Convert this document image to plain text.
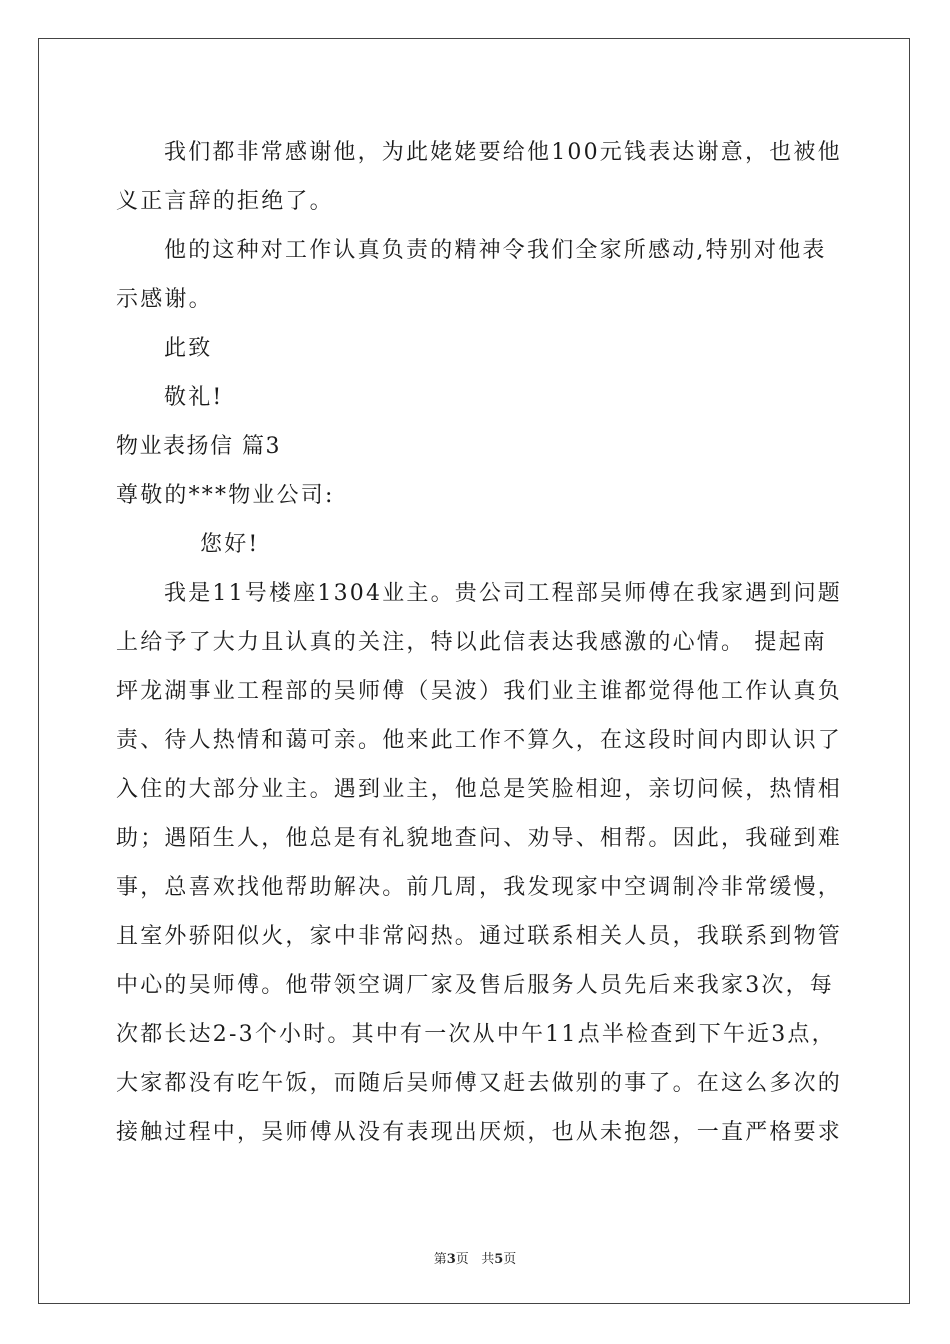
我们都非常感谢他，为此姥姥要给他100元钱表达谢意，也被他
义正言辞的拒绝了。
他的这种对工作认真负责的精神令我们全家所感动,特别对他表
示感谢。
此致
敬礼!
物业表扬信 篇3
尊敬的***物业公司:
您好!
我是11号楼座1304业主。贵公司工程部吴师傅在我家遇到问题
上给予了大力且认真的关注，特以此信表达我感激的心情。 提起南
坪龙湖事业工程部的吴师傅（吴波）我们业主谁都觉得他工作认真负
责、待人热情和蔼可亲。他来此工作不算久，在这段时间内即认识了
入住的大部分业主。遇到业主，他总是笑脸相迎，亲切问候，热情相
助；遇陌生人，他总是有礼貌地查问、劝导、相帮。因此，我碰到难
事，总喜欢找他帮助解决。前几周，我发现家中空调制冷非常缓慢，
且室外骄阳似火，家中非常闷热。通过联系相关人员，我联系到物管
中心的吴师傅。他带领空调厂家及售后服务人员先后来我家3次，每
次都长达2-3个小时。其中有一次从中午11点半检查到下午近3点，
大家都没有吃午饭，而随后吴师傅又赶去做别的事了。在这么多次的
接触过程中，吴师傅从没有表现出厌烦，也从未抱怨，一直严格要求
第3页 共5页
